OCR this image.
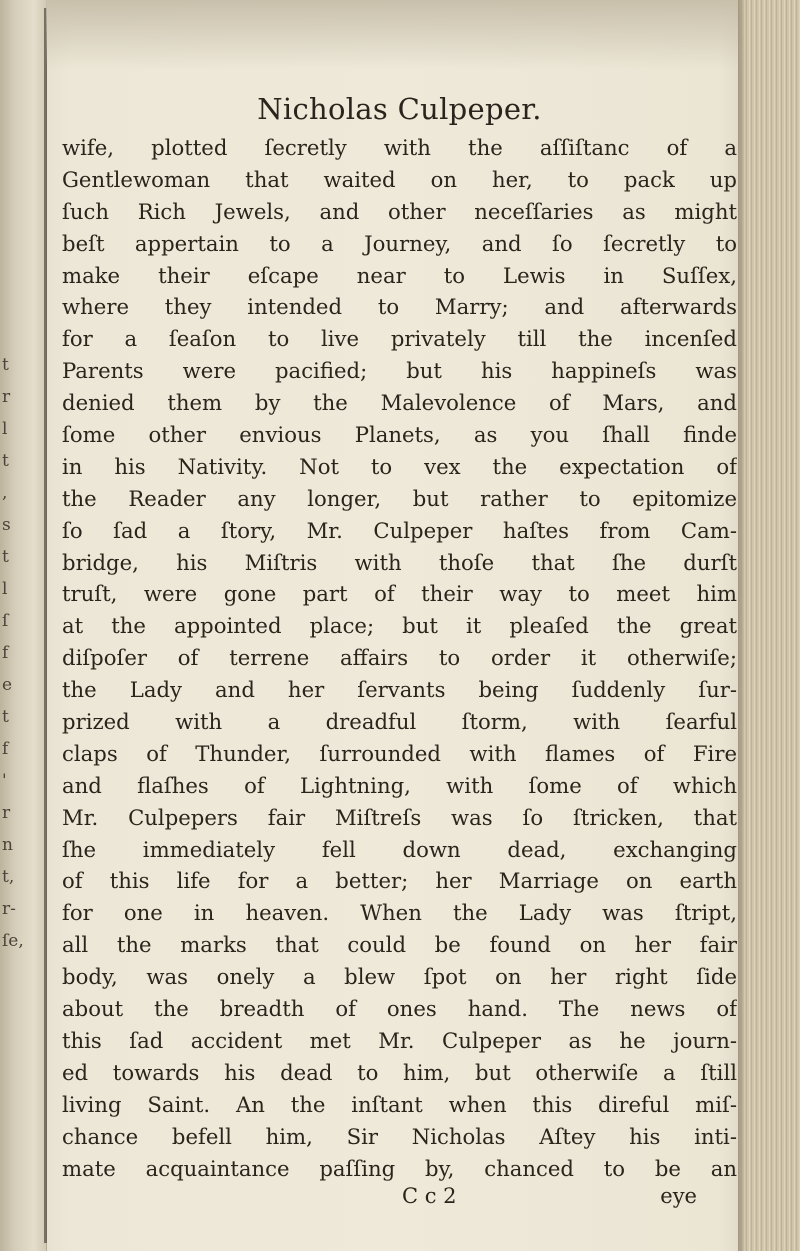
t
r
l
t
,
s
t
l
ſ
f
e
t
f
'
r
n
t,
r-
ſe,
Nicholas Culpeper.
wife, plotted ſecretly with the aſſiſtanc of a
Gentlewoman that waited on her, to pack up
ſuch Rich Jewels, and other neceſſaries as might
beſt appertain to a Journey, and ſo ſecretly to
make their eſcape near to Lewis in Suſſex,
where they intended to Marry; and afterwards
for a ſeaſon to live privately till the incenſed
Parents were pacified; but his happineſs was
denied them by the Malevolence of Mars, and
ſome other envious Planets, as you ſhall finde
in his Nativity. Not to vex the expectation of
the Reader any longer, but rather to epitomize
ſo ſad a ſtory, Mr. Culpeper haſtes from Cam-
bridge, his Miſtris with thoſe that ſhe durſt
truſt, were gone part of their way to meet him
at the appointed place; but it pleaſed the great
diſpoſer of terrene affairs to order it otherwiſe;
the Lady and her ſervants being ſuddenly ſur-
prized with a dreadful ſtorm, with ſearful
claps of Thunder, ſurrounded with flames of Fire
and flaſhes of Lightning, with ſome of which
Mr. Culpepers fair Miſtreſs was ſo ſtricken, that
ſhe immediately fell down dead, exchanging
of this life for a better; her Marriage on earth
for one in heaven. When the Lady was ſtript,
all the marks that could be found on her fair
body, was onely a blew ſpot on her right ſide
about the breadth of ones hand. The news of
this ſad accident met Mr. Culpeper as he journ-
ed towards his dead to him, but otherwiſe a ſtill
living Saint. An the inſtant when this direful miſ-
chance befell him, Sir Nicholas Aſtey his inti-
mate acquaintance paſſing by, chanced to be an
C c 2	eye
